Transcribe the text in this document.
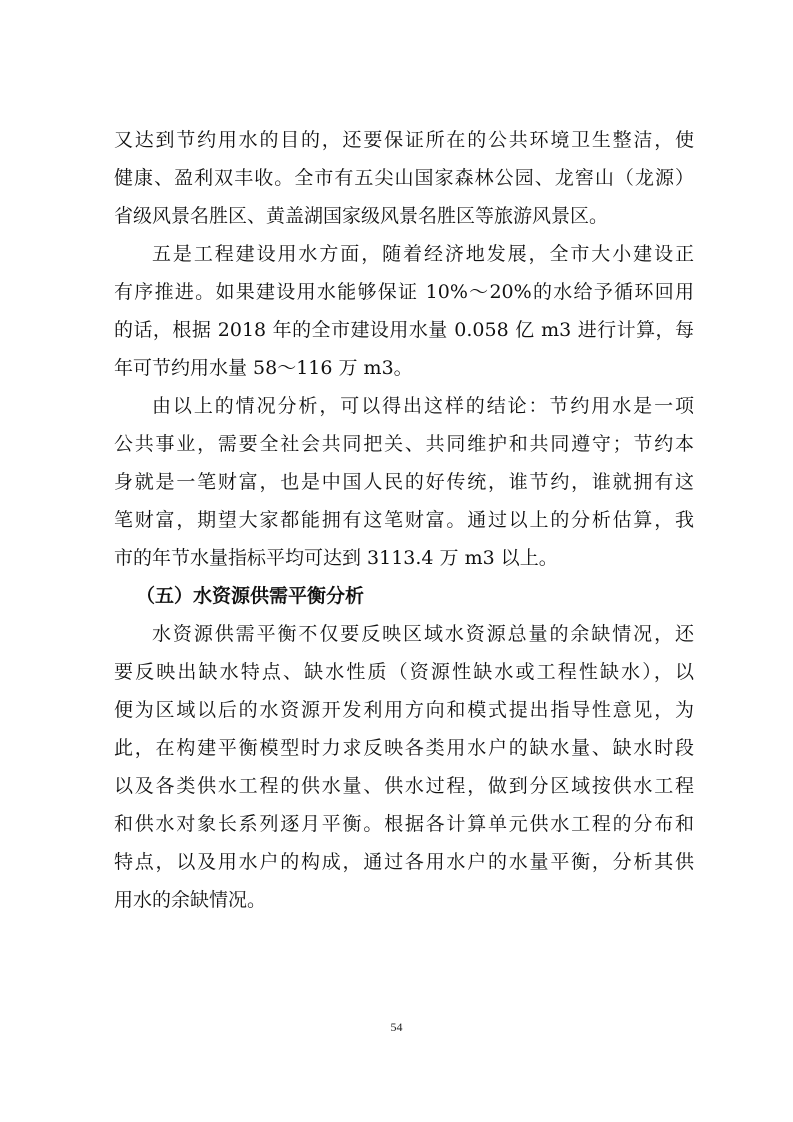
又达到节约用水的目的，还要保证所在的公共环境卫生整洁，使
健康、盈利双丰收。全市有五尖山国家森林公园、龙窖山（龙源）
省级风景名胜区、黄盖湖国家级风景名胜区等旅游风景区。
五是工程建设用水方面，随着经济地发展，全市大小建设正
有序推进。如果建设用水能够保证 10%～20%的水给予循环回用
的话，根据 2018 年的全市建设用水量 0.058 亿 m3 进行计算，每
年可节约用水量 58～116 万 m3。
由以上的情况分析，可以得出这样的结论：节约用水是一项
公共事业，需要全社会共同把关、共同维护和共同遵守；节约本
身就是一笔财富，也是中国人民的好传统，谁节约，谁就拥有这
笔财富，期望大家都能拥有这笔财富。通过以上的分析估算，我
市的年节水量指标平均可达到 3113.4 万 m3 以上。
（五）水资源供需平衡分析
水资源供需平衡不仅要反映区域水资源总量的余缺情况，还
要反映出缺水特点、缺水性质（资源性缺水或工程性缺水），以
便为区域以后的水资源开发利用方向和模式提出指导性意见，为
此，在构建平衡模型时力求反映各类用水户的缺水量、缺水时段
以及各类供水工程的供水量、供水过程，做到分区域按供水工程
和供水对象长系列逐月平衡。根据各计算单元供水工程的分布和
特点，以及用水户的构成，通过各用水户的水量平衡，分析其供
用水的余缺情况。
54
